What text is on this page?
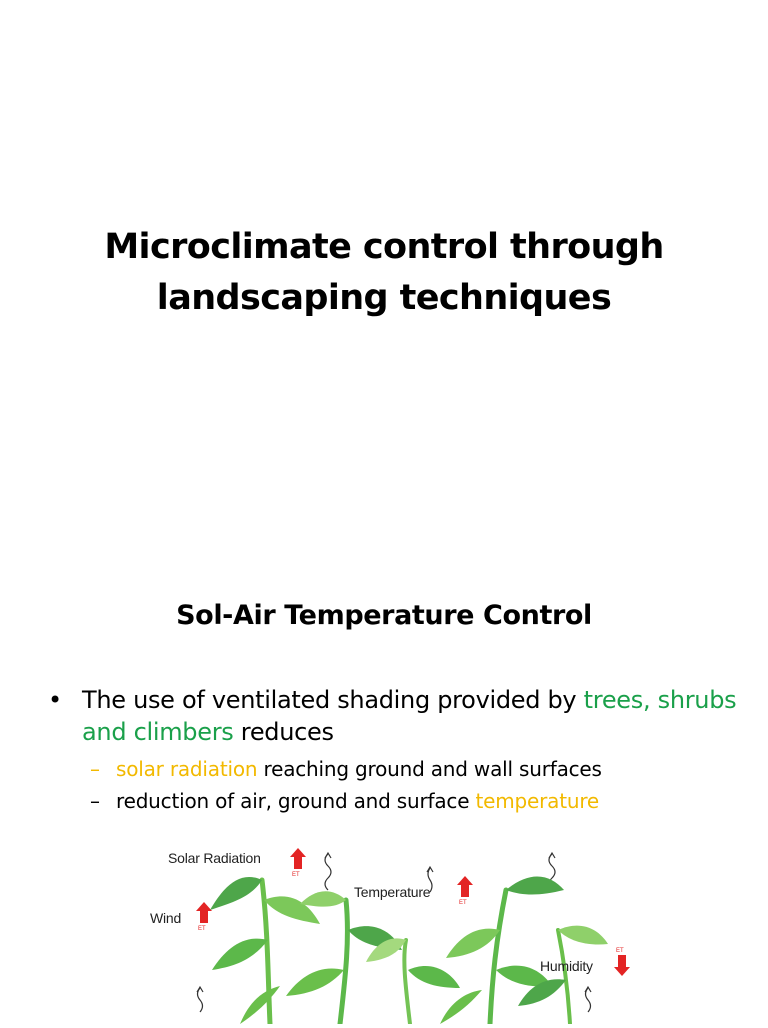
Microclimate control through
landscaping techniques
Sol-Air Temperature Control
• The use of ventilated shading provided by trees, shrubs and climbers reduces
– solar radiation reaching ground and wall surfaces
– reduction of air, ground and surface temperature
ET
ET
ET
ET
Solar Radiation
Temperature
Wind
Humidity
